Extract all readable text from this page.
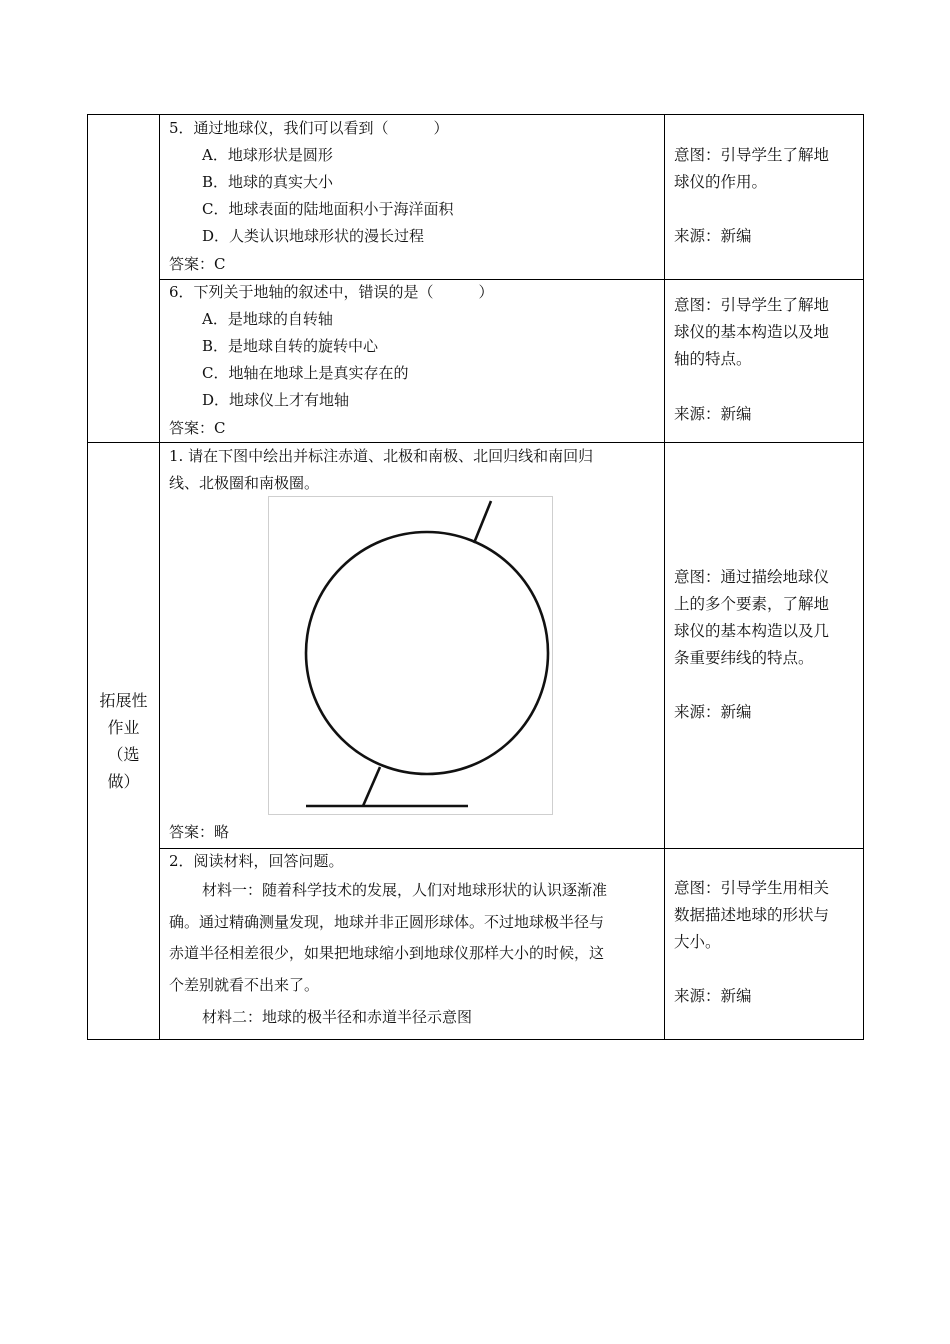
5．通过地球仪，我们可以看到（　　　）
A．地球形状是圆形
B．地球的真实大小
C．地球表面的陆地面积小于海洋面积
D．人类认识地球形状的漫长过程
答案：C
意图：引导学生了解地
球仪的作用。
来源：新编
6．下列关于地轴的叙述中，错误的是（　　　）
A．是地球的自转轴
B．是地球自转的旋转中心
C．地轴在地球上是真实存在的
D．地球仪上才有地轴
答案：C
意图：引导学生了解地
球仪的基本构造以及地
轴的特点。
来源：新编
拓展性
作业
（选
做）
1. 请在下图中绘出并标注赤道、北极和南极、北回归线和南回归
线、北极圈和南极圈。
答案：略
意图：通过描绘地球仪
上的多个要素，了解地
球仪的基本构造以及几
条重要纬线的特点。
来源：新编
2．阅读材料，回答问题。
材料一：随着科学技术的发展，人们对地球形状的认识逐渐准
确。通过精确测量发现，地球并非正圆形球体。不过地球极半径与
赤道半径相差很少，如果把地球缩小到地球仪那样大小的时候，这
个差别就看不出来了。
材料二：地球的极半径和赤道半径示意图
意图：引导学生用相关
数据描述地球的形状与
大小。
来源：新编
